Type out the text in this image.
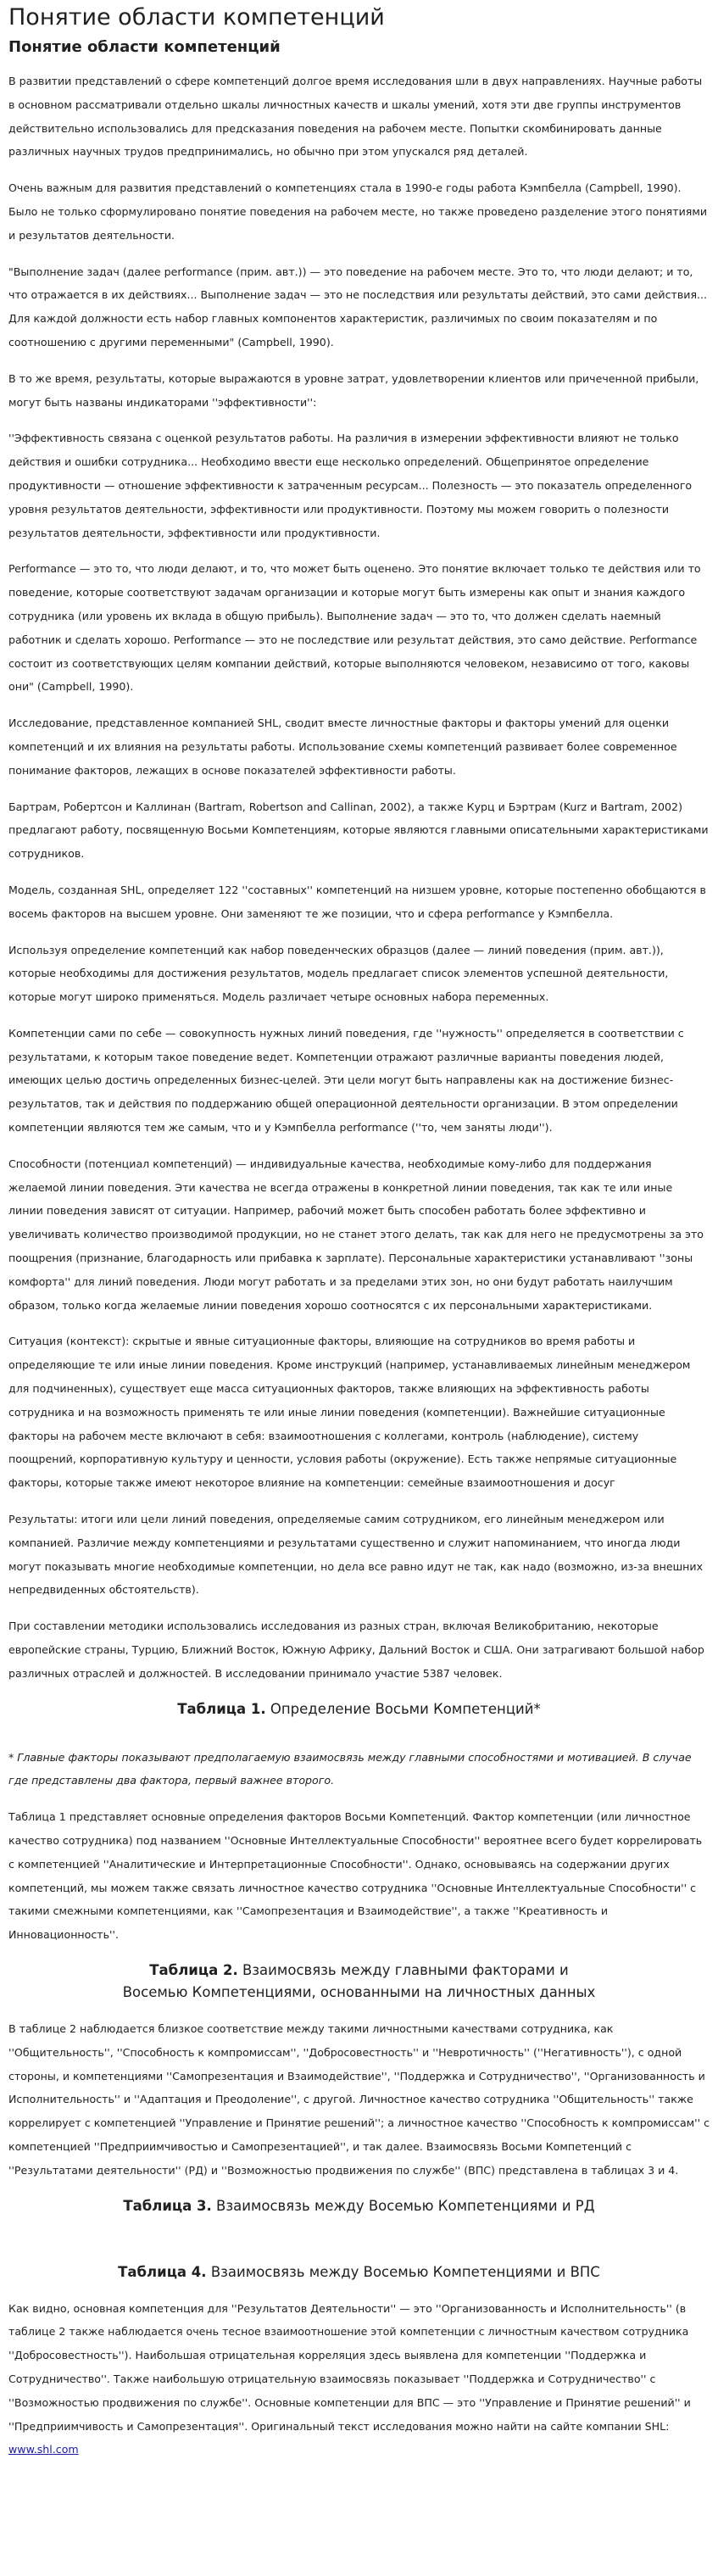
Понятие области компетенций
Понятие области компетенций

В развитии представлений о сфере компетенций долгое время исследования шли в двух направлениях. Научные работы в основном рассматривали отдельно шкалы личностных качеств и шкалы умений, хотя эти две группы инструментов действительно использовались для предсказания поведения на рабочем месте. Попытки скомбинировать данные различных научных трудов предпринимались, но обычно при этом упускался ряд деталей.

Очень важным для развития представлений о компетенциях стала в 1990-е годы работа Кэмпбелла (Campbell, 1990). Было не только сформулировано понятие поведения на рабочем месте, но также проведено разделение этого понятиями и результатов деятельности.

"Выполнение задач (далее performance (прим. авт.)) — это поведение на рабочем месте. Это то, что люди делают; и то, что отражается в их действиях... Выполнение задач — это не последствия или результаты действий, это сами действия... Для каждой должности есть набор главных компонентов характеристик, различимых по своим показателям и по соотношению с другими переменными" (Campbell, 1990).

В то же время, результаты, которые выражаются в уровне затрат, удовлетворении клиентов или причеченной прибыли, могут быть названы индикаторами ''эффективности'':

''Эффективность связана с оценкой результатов работы. На различия в измерении эффективности влияют не только действия и ошибки сотрудника... Необходимо ввести еще несколько определений. Общепринятое определение продуктивности — отношение эффективности к затраченным ресурсам... Полезность — это показатель определенного уровня результатов деятельности, эффективности или продуктивности. Поэтому мы можем говорить о полезности результатов деятельности, эффективности или продуктивности.

Performance — это то, что люди делают, и то, что может быть оценено. Это понятие включает только те действия или то поведение, которые соответствуют задачам организации и которые могут быть измерены как опыт и знания каждого сотрудника (или уровень их вклада в общую прибыль). Выполнение задач — это то, что должен сделать наемный работник и сделать хорошо. Performance — это не последствие или результат действия, это само действие. Performance состоит из соответствующих целям компании действий, которые выполняются человеком, независимо от того, каковы они" (Campbell, 1990).

Исследование, представленное компанией SHL, сводит вместе личностные факторы и факторы умений для оценки компетенций и их влияния на результаты работы. Использование схемы компетенций развивает более современное понимание факторов, лежащих в основе показателей эффективности работы.

Бартрам, Робертсон и Каллинан (Bartram, Robertson and Callinan, 2002), а также Курц и Бэртрам (Kurz и Bartram, 2002) предлагают работу, посвященную Восьми Компетенциям, которые являются главными описательными характеристиками сотрудников.

Модель, созданная SHL, определяет 122 ''составных'' компетенций на низшем уровне, которые постепенно обобщаются в восемь факторов на высшем уровне. Они заменяют те же позиции, что и сфера performance у Кэмпбелла.

Используя определение компетенций как набор поведенческих образцов (далее — линий поведения (прим. авт.)), которые необходимы для достижения результатов, модель предлагает список элементов успешной деятельности, которые могут широко применяться. Модель различает четыре основных набора переменных.

Компетенции сами по себе — совокупность нужных линий поведения, где ''нужность'' определяется в соответствии с результатами, к которым такое поведение ведет. Компетенции отражают различные варианты поведения людей, имеющих целью достичь определенных бизнес-целей. Эти цели могут быть направлены как на достижение бизнес-результатов, так и действия по поддержанию общей операционной деятельности организации. В этом определении компетенции являются тем же самым, что и у Кэмпбелла performance (''то, чем заняты люди'').

Способности (потенциал компетенций) — индивидуальные качества, необходимые кому-либо для поддержания желаемой линии поведения. Эти качества не всегда отражены в конкретной линии поведения, так как те или иные линии поведения зависят от ситуации. Например, рабочий может быть способен работать более эффективно и увеличивать количество производимой продукции, но не станет этого делать, так как для него не предусмотрены за это поощрения (признание, благодарность или прибавка к зарплате). Персональные характеристики устанавливают ''зоны комфорта'' для линий поведения. Люди могут работать и за пределами этих зон, но они будут работать наилучшим образом, только когда желаемые линии поведения хорошо соотносятся с их персональными характеристиками.

Ситуация (контекст): скрытые и явные ситуационные факторы, влияющие на сотрудников во время работы и определяющие те или иные линии поведения. Кроме инструкций (например, устанавливаемых линейным менеджером для подчиненных), существует еще масса ситуационных факторов, также влияющих на эффективность работы сотрудника и на возможность применять те или иные линии поведения (компетенции). Важнейшие ситуационные факторы на рабочем месте включают в себя: взаимоотношения с коллегами, контроль (наблюдение), систему поощрений, корпоративную культуру и ценности, условия работы (окружение). Есть также непрямые ситуационные факторы, которые также имеют некоторое влияние на компетенции: семейные взаимоотношения и досуг

Результаты: итоги или цели линий поведения, определяемые самим сотрудником, его линейным менеджером или компанией. Различие между компетенциями и результатами существенно и служит напоминанием, что иногда люди могут показывать многие необходимые компетенции, но дела все равно идут не так, как надо (возможно, из-за внешних непредвиденных обстоятельств).

При составлении методики использовались исследования из разных стран, включая Великобританию, некоторые европейские страны, Турцию, Ближний Восток, Южную Африку, Дальний Восток и США. Они затрагивают большой набор различных отраслей и должностей. В исследовании принимало участие 5387 человек.

Таблица 1. Определение Восьми Компетенций*

* Главные факторы показывают предполагаемую взаимосвязь между главными способностями и мотивацией. В случае где представлены два фактора, первый важнее второго.

Таблица 1 представляет основные определения факторов Восьми Компетенций. Фактор компетенции (или личностное качество сотрудника) под названием ''Основные Интеллектуальные Способности'' вероятнее всего будет коррелировать с компетенцией ''Аналитические и Интерпретационные Способности''. Однако, основываясь на содержании других компетенций, мы можем также связать личностное качество сотрудника ''Основные Интеллектуальные Способности'' с такими смежными компетенциями, как ''Самопрезентация и Взаимодействие'', а также ''Креативность и Инновационность''.

Таблица 2. Взаимосвязь между главными факторами и
Восемью Компетенциями, основанными на личностных данных

В таблице 2 наблюдается близкое соответствие между такими личностными качествами сотрудника, как ''Общительность'', ''Способность к компромиссам'', ''Добросовестность'' и ''Невротичность'' (''Негативность''), с одной стороны, и компетенциями ''Самопрезентация и Взаимодействие'', ''Поддержка и Сотрудничество'', ''Организованность и Исполнительность'' и ''Адаптация и Преодоление'', с другой. Личностное качество сотрудника ''Общительность'' также коррелирует с компетенцией ''Управление и Принятие решений''; а личностное качество ''Способность к компромиссам'' с компетенцией ''Предприимчивостью и Самопрезентацией'', и так далее. Взаимосвязь Восьми Компетенций с ''Результатами деятельности'' (РД) и ''Возможностью продвижения по службе'' (ВПС) представлена в таблицах 3 и 4.

Таблица 3. Взаимосвязь между Восемью Компетенциями и РД
Таблица 4. Взаимосвязь между Восемью Компетенциями и ВПС

Как видно, основная компетенция для ''Результатов Деятельности'' — это ''Организованность и Исполнительность'' (в таблице 2 также наблюдается очень тесное взаимоотношение этой компетенции с личностным качеством сотрудника ''Добросовестность''). Наибольшая отрицательная корреляция здесь выявлена для компетенции ''Поддержка и Сотрудничество''. Также наибольшую отрицательную взаимосвязь показывает ''Поддержка и Сотрудничество'' с ''Возможностью продвижения по службе''. Основные компетенции для ВПС — это ''Управление и Принятие решений'' и ''Предприимчивость и Самопрезентация''. Оригинальный текст исследования можно найти на сайте компании SHL: www.shl.com
